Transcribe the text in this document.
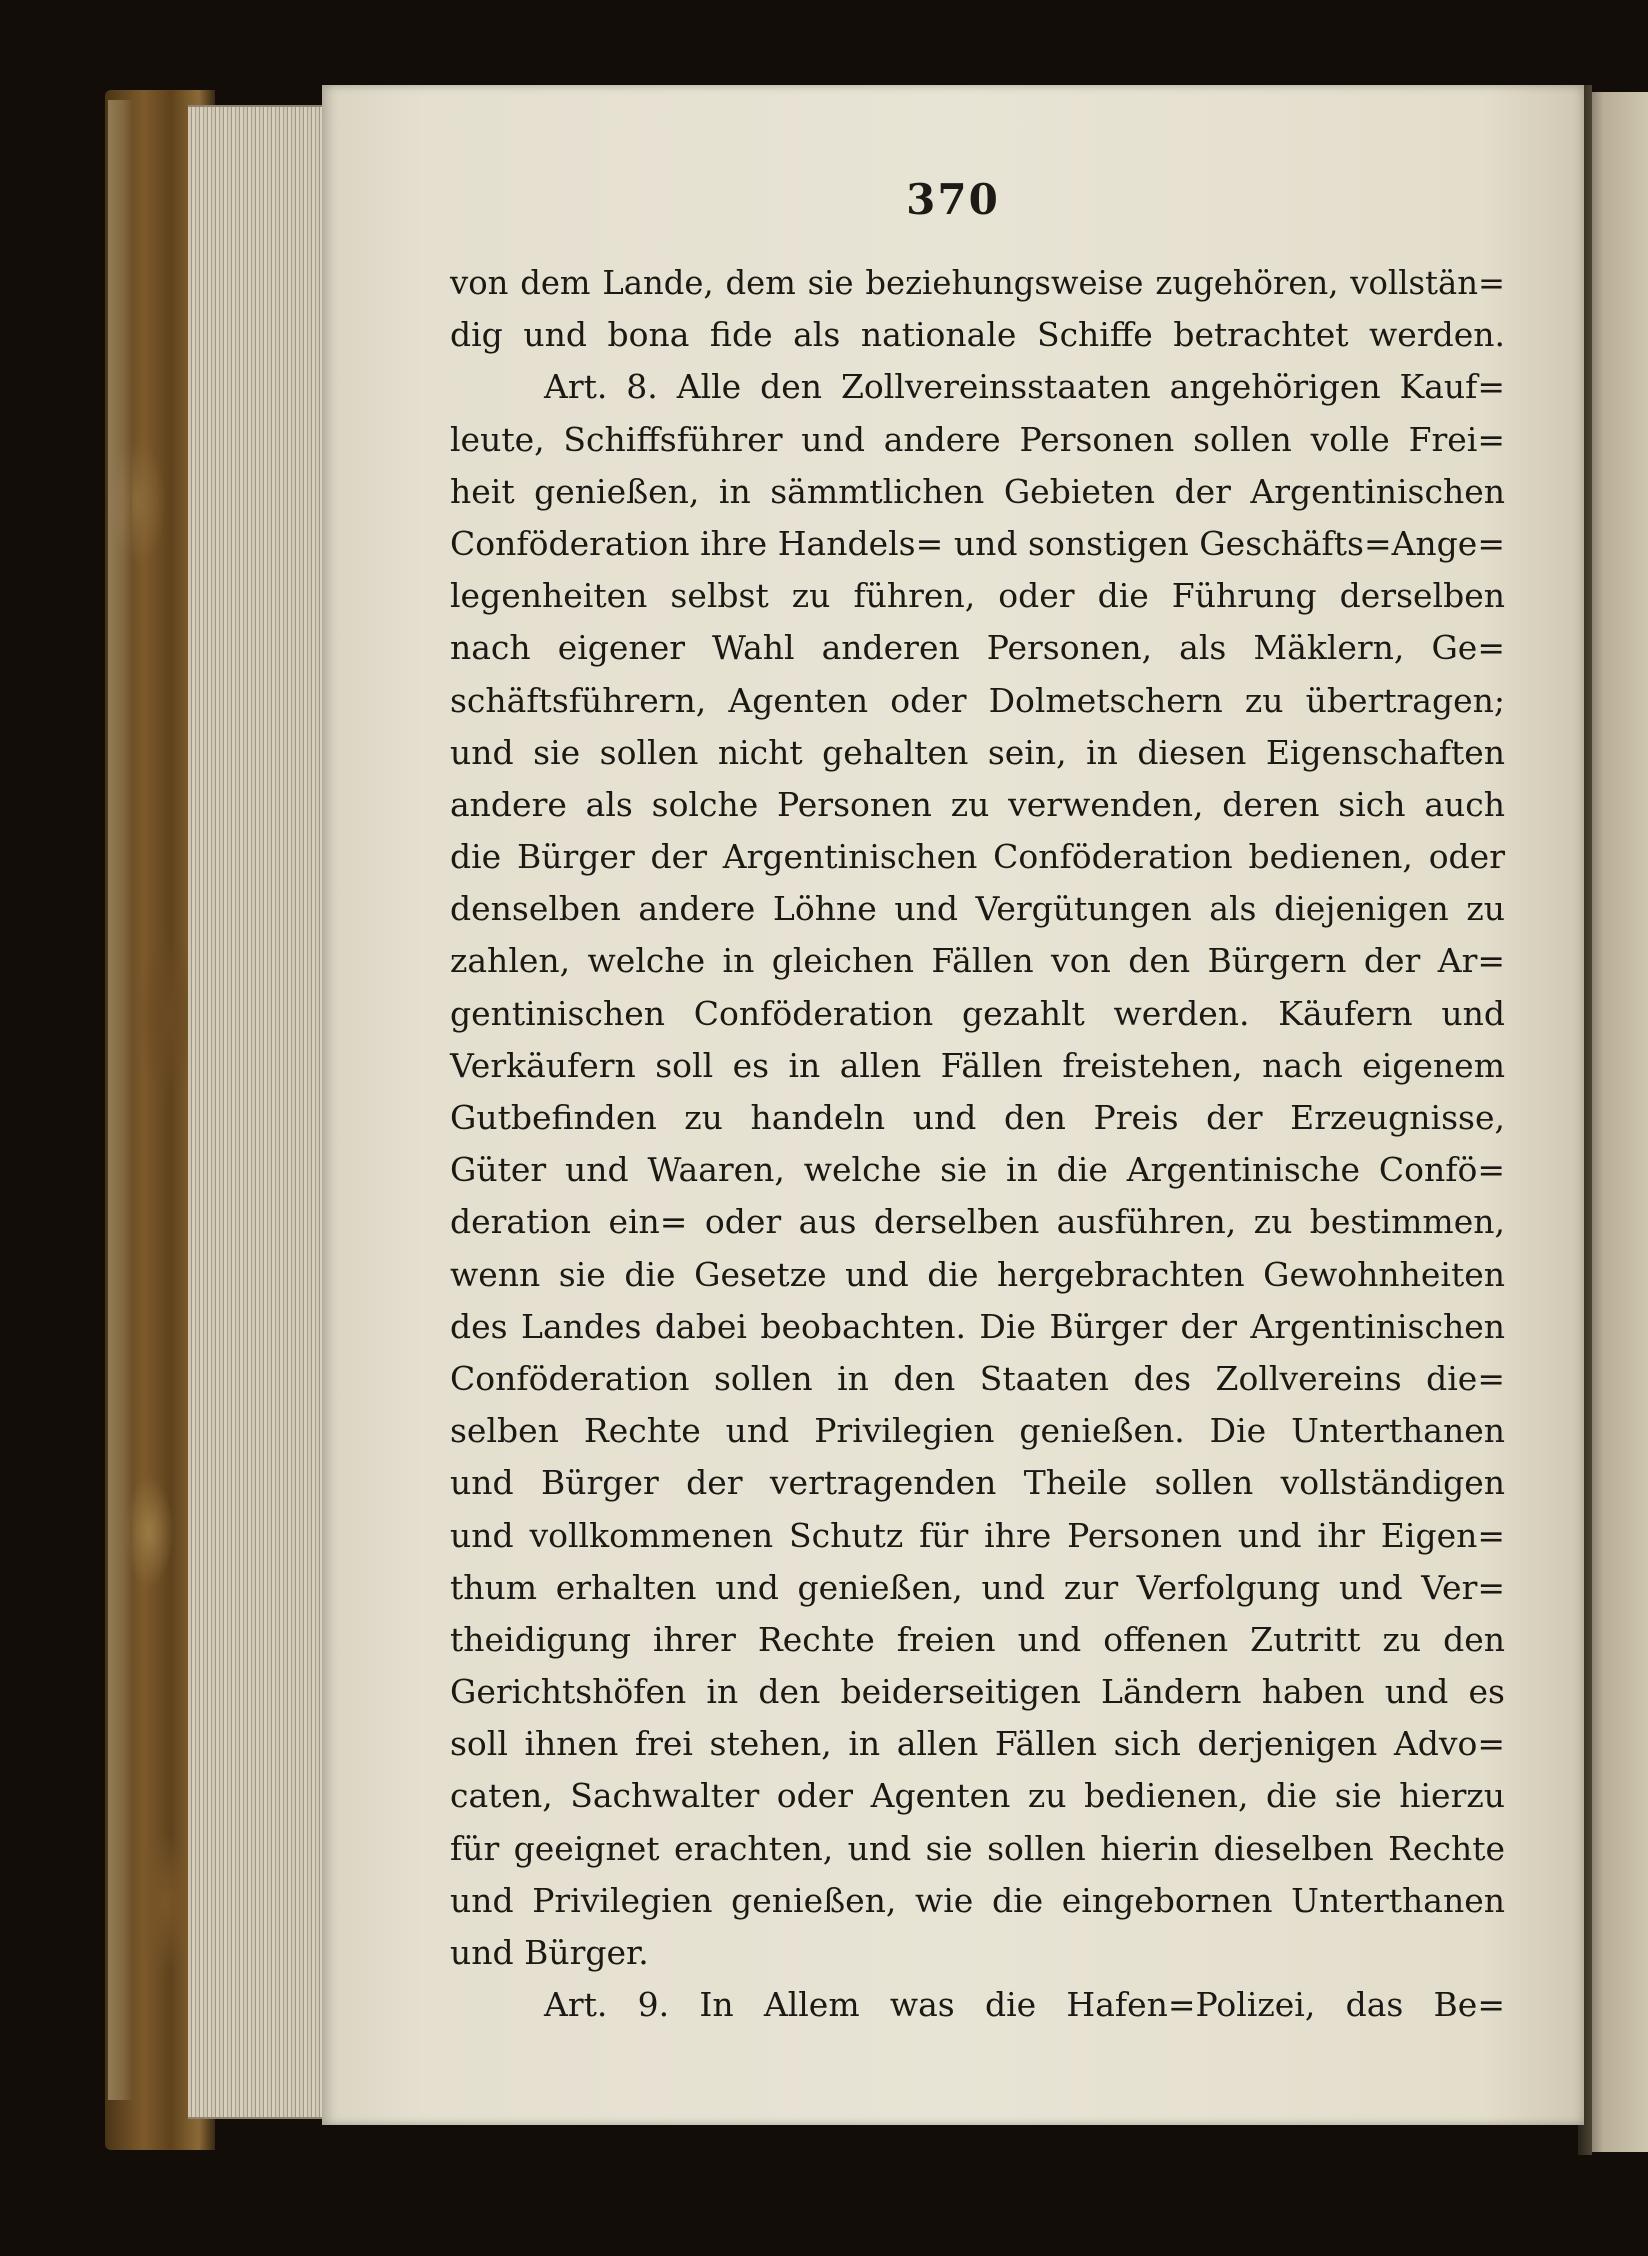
370
von dem Lande, dem sie beziehungsweise zugehören, vollstän=
dig und bona fide als nationale Schiffe betrachtet werden.
Art. 8. Alle den Zollvereinsstaaten angehörigen Kauf=
leute, Schiffsführer und andere Personen sollen volle Frei=
heit genießen, in sämmtlichen Gebieten der Argentinischen
Conföderation ihre Handels= und sonstigen Geschäfts=Ange=
legenheiten selbst zu führen, oder die Führung derselben
nach eigener Wahl anderen Personen, als Mäklern, Ge=
schäftsführern, Agenten oder Dolmetschern zu übertragen;
und sie sollen nicht gehalten sein, in diesen Eigenschaften
andere als solche Personen zu verwenden, deren sich auch
die Bürger der Argentinischen Conföderation bedienen, oder
denselben andere Löhne und Vergütungen als diejenigen zu
zahlen, welche in gleichen Fällen von den Bürgern der Ar=
gentinischen Conföderation gezahlt werden. Käufern und
Verkäufern soll es in allen Fällen freistehen, nach eigenem
Gutbefinden zu handeln und den Preis der Erzeugnisse,
Güter und Waaren, welche sie in die Argentinische Confö=
deration ein= oder aus derselben ausführen, zu bestimmen,
wenn sie die Gesetze und die hergebrachten Gewohnheiten
des Landes dabei beobachten. Die Bürger der Argentinischen
Conföderation sollen in den Staaten des Zollvereins die=
selben Rechte und Privilegien genießen. Die Unterthanen
und Bürger der vertragenden Theile sollen vollständigen
und vollkommenen Schutz für ihre Personen und ihr Eigen=
thum erhalten und genießen, und zur Verfolgung und Ver=
theidigung ihrer Rechte freien und offenen Zutritt zu den
Gerichtshöfen in den beiderseitigen Ländern haben und es
soll ihnen frei stehen, in allen Fällen sich derjenigen Advo=
caten, Sachwalter oder Agenten zu bedienen, die sie hierzu
für geeignet erachten, und sie sollen hierin dieselben Rechte
und Privilegien genießen, wie die eingebornen Unterthanen
und Bürger.
Art. 9. In Allem was die Hafen=Polizei, das Be=
